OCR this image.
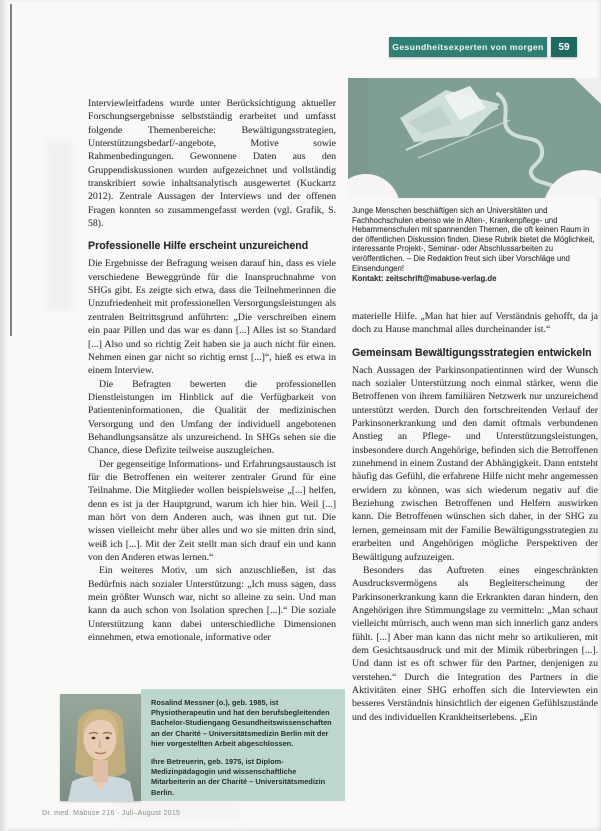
Gesundheitsexperten von morgen 59
Junge Menschen beschäftigen sich an Universitäten und Fachhochschulen ebenso wie in Alten-, Krankenpflege- und Hebammenschulen mit spannenden Themen, die oft keinen Raum in der öffentlichen Diskussion finden. Diese Rubrik bietet die Möglichkeit, interessante Projekt-, Seminar- oder Abschlussarbeiten zu veröffentlichen. – Die Redaktion freut sich über Vorschläge und Einsendungen!
Kontakt: zeitschrift@mabuse-verlag.de

Interviewleitfadens wurde unter Berücksichtigung aktueller Forschungsergebnisse selbstständig erarbeitet und umfasst folgende Themenbereiche: Bewältigungsstrategien, Unterstützungsbedarf/-angebote, Motive sowie Rahmenbedingungen. Gewonnene Daten aus den Gruppendiskussionen wurden aufgezeichnet und vollständig transkribiert sowie inhaltsanalytisch ausgewertet (Kuckartz 2012). Zentrale Aussagen der Interviews und der offenen Fragen konnten so zusammengefasst werden (vgl. Grafik, S. 58).

Professionelle Hilfe erscheint unzureichend

Die Ergebnisse der Befragung weisen darauf hin, dass es viele verschiedene Beweggründe für die Inanspruchnahme von SHGs gibt. Es zeigte sich etwa, dass die Teilnehmerinnen die Unzufriedenheit mit professionellen Versorgungsleistungen als zentralen Beitrittsgrund anführten: „Die verschreiben einem ein paar Pillen und das war es dann [...] Alles ist so Standard [...] Also und so richtig Zeit haben sie ja auch nicht für einen. Nehmen einen gar nicht so richtig ernst [...]“, hieß es etwa in einem Interview.

Die Befragten bewerten die professionellen Dienstleistungen im Hinblick auf die Verfügbarkeit von Patienteninformationen, die Qualität der medizinischen Versorgung und den Umfang der individuell angebotenen Behandlungsansätze als unzureichend. In SHGs sehen sie die Chance, diese Defizite teilweise auszugleichen.

Der gegenseitige Informations- und Erfahrungsaustausch ist für die Betroffenen ein weiterer zentraler Grund für eine Teilnahme. Die Mitglieder wollen beispielsweise „[...] helfen, denn es ist ja der Hauptgrund, warum ich hier bin. Weil [...] man hört von dem Anderen auch, was ihnen gut tut. Die wissen vielleicht mehr über alles und wo sie mitten drin sind, weiß ich [...]. Mit der Zeit stellt man sich drauf ein und kann von den Anderen etwas lernen.“

Ein weiteres Motiv, um sich anzuschließen, ist das Bedürfnis nach sozialer Unterstützung: „Ich muss sagen, dass mein größter Wunsch war, nicht so alleine zu sein. Und man kann da auch schon von Isolation sprechen [...].“ Die soziale Unterstützung kann dabei unterschiedliche Dimensionen einnehmen, etwa emotionale, informative oder

materielle Hilfe. „Man hat hier auf Verständnis gehofft, da ja doch zu Hause manchmal alles durcheinander ist.“

Gemeinsam Bewältigungsstrategien entwickeln

Nach Aussagen der Parkinsonpatientinnen wird der Wunsch nach sozialer Unterstützung noch einmal stärker, wenn die Betroffenen von ihrem familiären Netzwerk nur unzureichend unterstützt werden. Durch den fortschreitenden Verlauf der Parkinsonerkrankung und den damit oftmals verbundenen Anstieg an Pflege- und Unterstützungsleistungen, insbesondere durch Angehörige, befinden sich die Betroffenen zunehmend in einem Zustand der Abhängigkeit. Dann entsteht häufig das Gefühl, die erfahrene Hilfe nicht mehr angemessen erwidern zu können, was sich wiederum negativ auf die Beziehung zwischen Betroffenen und Helfern auswirken kann. Die Betroffenen wünschen sich daher, in der SHG zu lernen, gemeinsam mit der Familie Bewältigungsstrategien zu erarbeiten und Angehörigen mögliche Perspektiven der Bewältigung aufzuzeigen.

Besonders das Auftreten eines eingeschränkten Ausdrucksvermögens als Begleiterscheinung der Parkinsonerkrankung kann die Erkrankten daran hindern, den Angehörigen ihre Stimmungslage zu vermitteln: „Man schaut vielleicht mürrisch, auch wenn man sich innerlich ganz anders fühlt. [...] Aber man kann das nicht mehr so artikulieren, mit dem Gesichtsausdruck und mit der Mimik rüberbringen [...]. Und dann ist es oft schwer für den Partner, denjenigen zu verstehen.“ Durch die Integration des Partners in die Aktivitäten einer SHG erhoffen sich die Interviewten ein besseres Verständnis hinsichtlich der eigenen Gefühlszustände und des individuellen Krankheitserlebens. „Ein

Rosalind Messner (o.), geb. 1985, ist Physiotherapeutin und hat den berufsbegleitenden Bachelor-Studiengang Gesundheitswissenschaften an der Charité – Universitätsmedizin Berlin mit der hier vorgestellten Arbeit abgeschlossen.

Ihre Betreuerin, geb. 1975, ist Diplom-Medizinpädagogin und wissenschaftliche Mitarbeiterin an der Charité – Universitätsmedizin Berlin.

Dr. med. Mabuse 216 · Juli–August 2015
